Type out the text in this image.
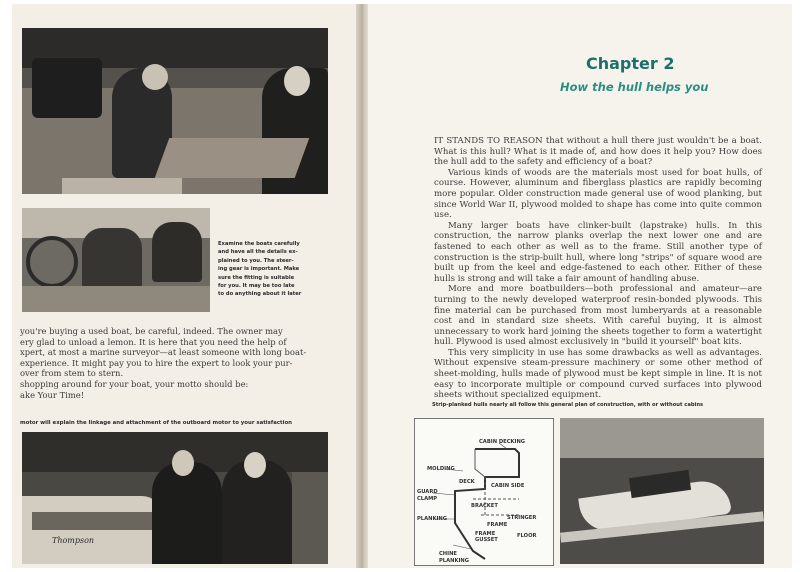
Examine the boats carefully
and have all the details ex-
plained to you. The steer-
ing gear is important. Make
sure the fitting is suitable
for you. It may be too late
to do anything about it later
you're buying a used boat, be careful, indeed. The owner may
ery glad to unload a lemon. It is here that you need the help of
xpert, at most a marine surveyor—at least someone with long boat-
experience. It might pay you to hire the expert to look your pur-
over from stem to stern.
shopping around for your boat, your motto should be:
ake Your Time!
motor will explain the linkage and attachment of the outboard motor to your satisfaction
Thompson
Chapter 2
How the hull helps you

IT STANDS TO REASON that without a hull there just wouldn't be a boat. What is this hull? What is it made of, and how does it help you? How does the hull add to the safety and efficiency of a boat?

Various kinds of woods are the materials most used for boat hulls, of course. However, aluminum and fiberglass plastics are rapidly becoming more popular. Older construction made general use of wood planking, but since World War II, plywood molded to shape has come into quite common use.

Many larger boats have clinker-built (lapstrake) hulls. In this construction, the narrow planks overlap the next lower one and are fastened to each other as well as to the frame. Still another type of construction is the strip-built hull, where long "strips" of square wood are built up from the keel and edge-fastened to each other. Either of these hulls is strong and will take a fair amount of handling abuse.

More and more boatbuilders—both professional and amateur—are turning to the newly developed waterproof resin-bonded plywoods. This fine material can be purchased from most lumberyards at a reasonable cost and in standard size sheets. With careful buying, it is almost unnecessary to work hard joining the sheets together to form a watertight hull. Plywood is used almost exclusively in "build it yourself" boat kits.

This very simplicity in use has some drawbacks as well as advantages. Without expensive steam-pressure machinery or some other method of sheet-molding, hulls made of plywood must be kept simple in line. It is not easy to incorporate multiple or compound curved surfaces into plywood sheets without specialized equipment.

Strip-planked hulls nearly all follow this general plan of construction, with or without cabins
CABIN DECKING
MOLDING
DECK
CABIN SIDE
GUARD
CLAMP
BRACKET
PLANKING	STRINGER
FRAME
FRAME GUSSET
FLOOR
CHINE
PLANKING
